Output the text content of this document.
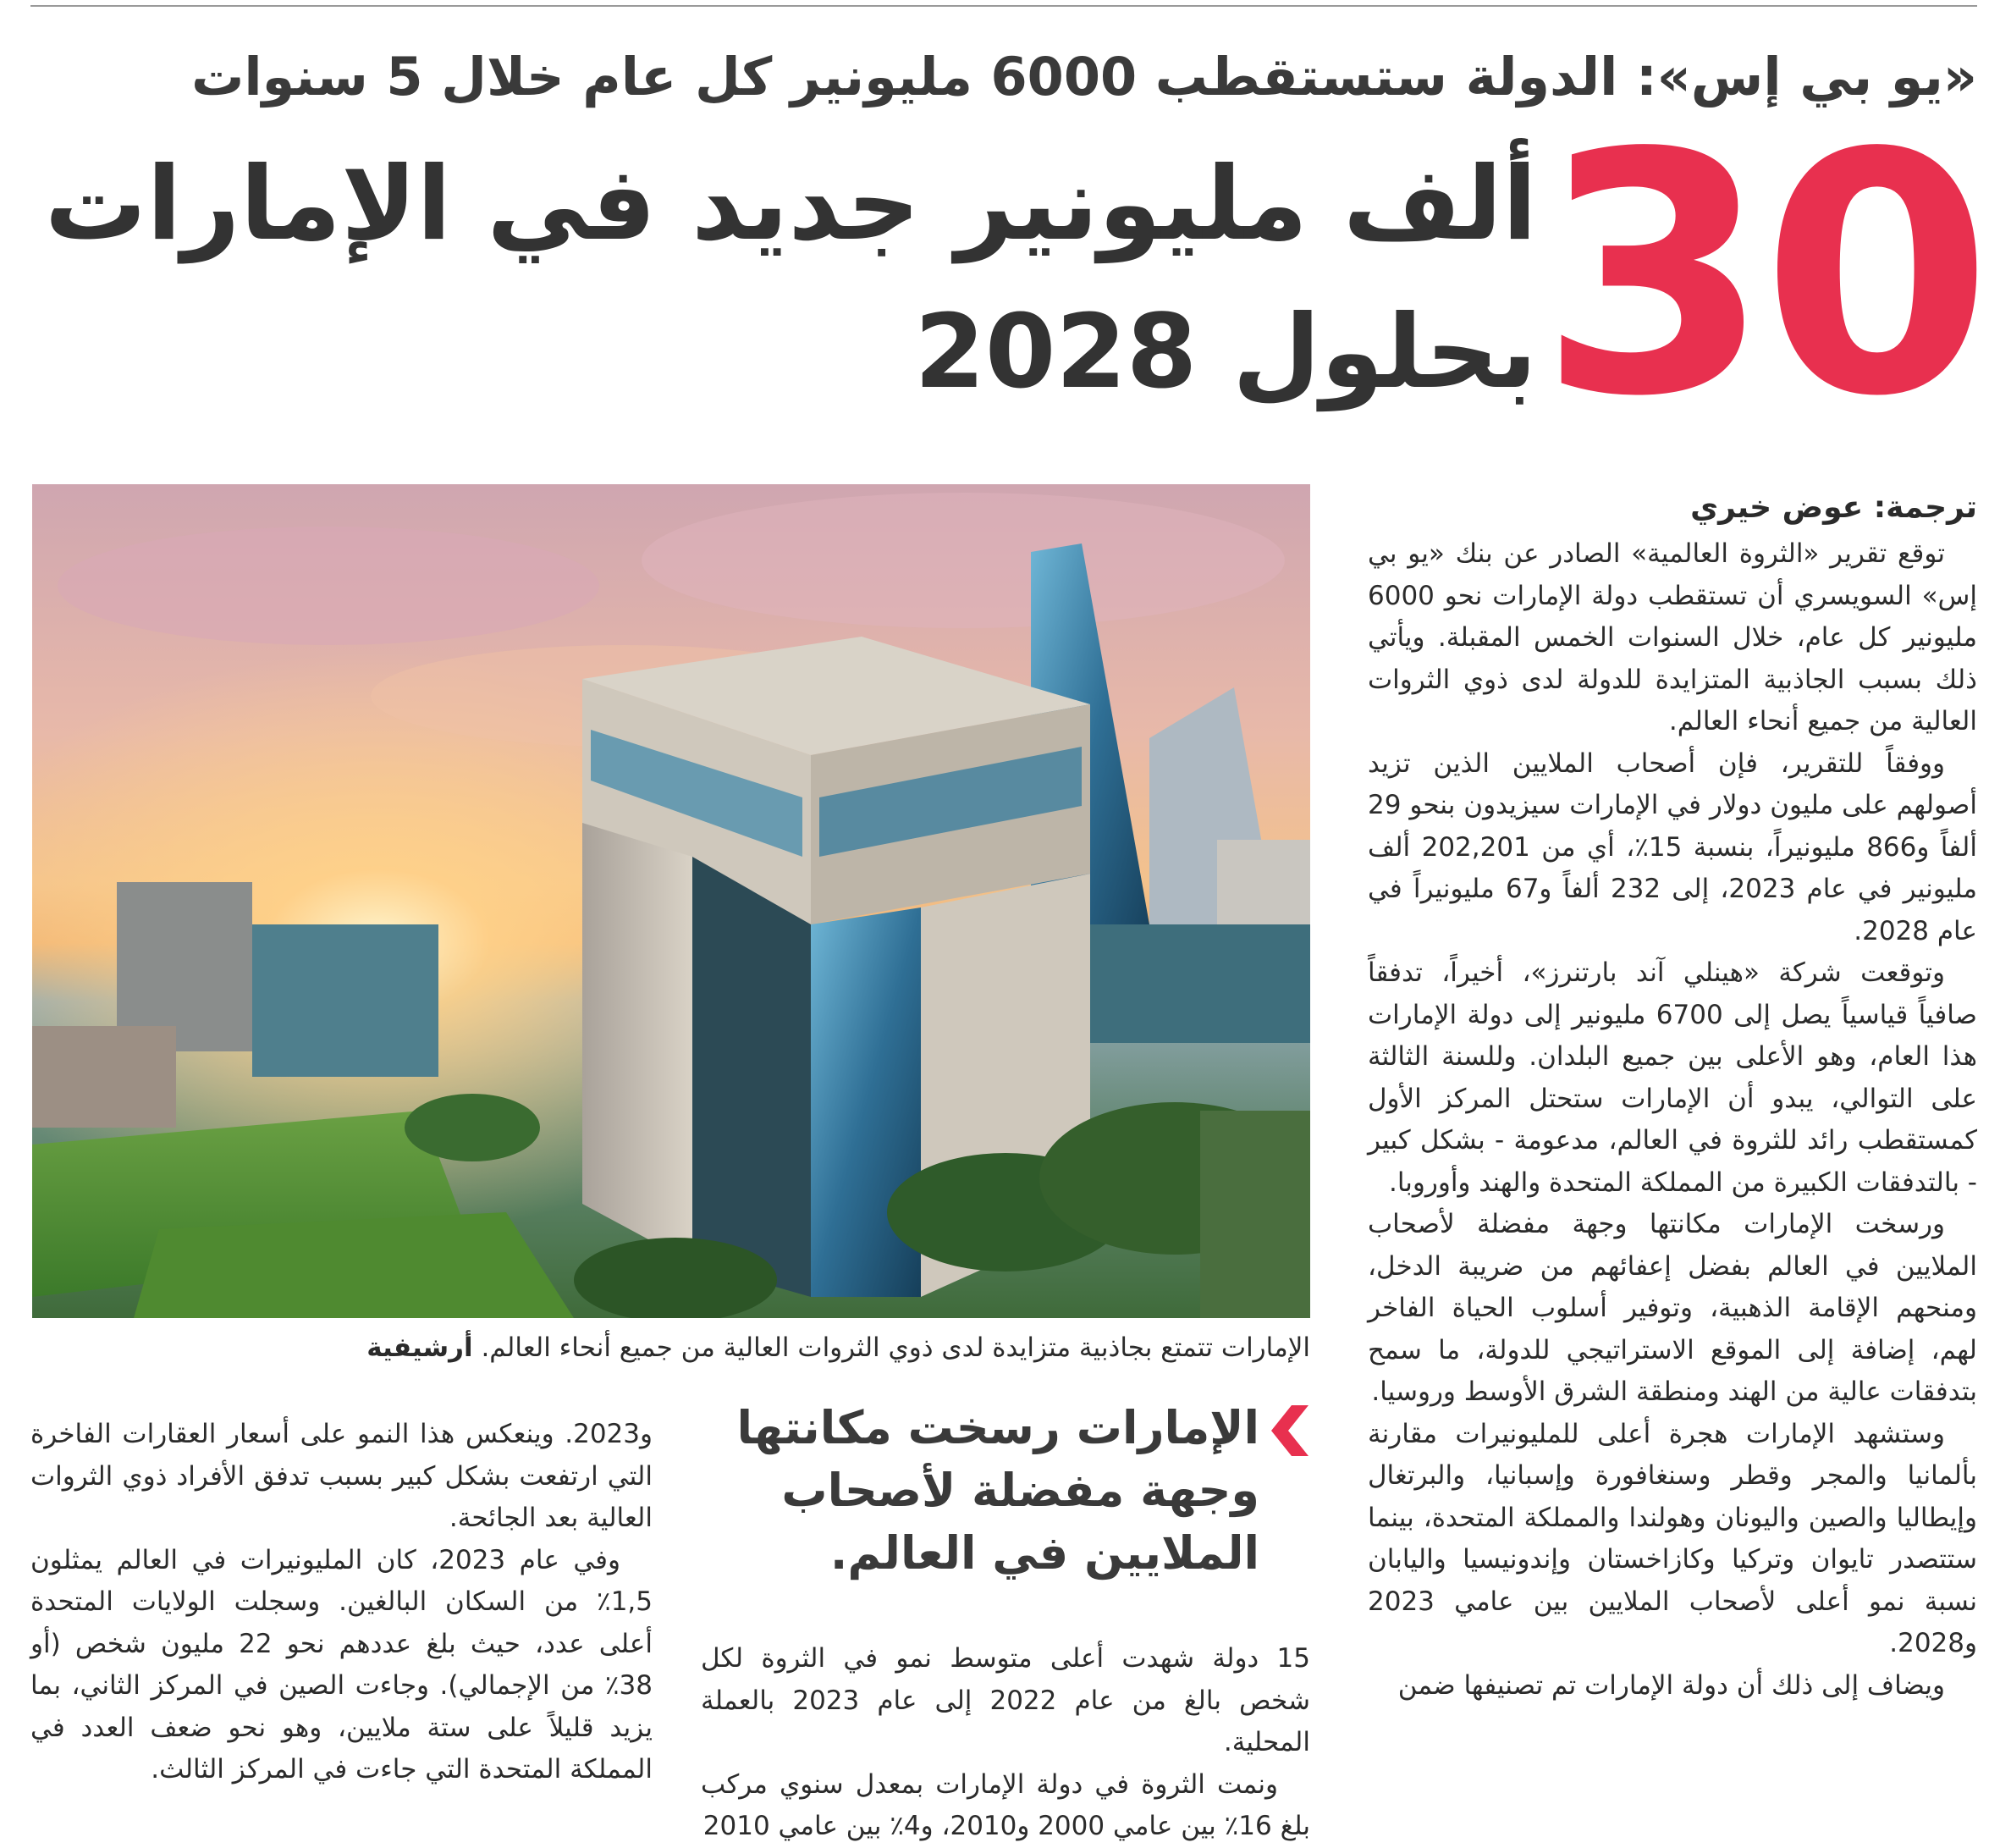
«يو بي إس»: الدولة ستستقطب 6000 مليونير كل عام خلال 5 سنوات
30
ألف مليونير جديد في الإمارات
بحلول 2028
ترجمة: عوض خيري

توقع تقرير «الثروة العالمية» الصادر عن بنك «يو بي إس» السويسري أن تستقطب دولة الإمارات نحو 6000 مليونير كل عام، خلال السنوات الخمس المقبلة. ويأتي ذلك بسبب الجاذبية المتزايدة للدولة لدى ذوي الثروات العالية من جميع أنحاء العالم.

ووفقاً للتقرير، فإن أصحاب الملايين الذين تزيد أصولهم على مليون دولار في الإمارات سيزيدون بنحو 29 ألفاً و866 مليونيراً، بنسبة 15٪، أي من 202,201 ألف مليونير في عام 2023، إلى 232 ألفاً و67 مليونيراً في عام 2028.

وتوقعت شركة «هينلي آند بارتنرز»، أخيراً، تدفقاً صافياً قياسياً يصل إلى 6700 مليونير إلى دولة الإمارات هذا العام، وهو الأعلى بين جميع البلدان. وللسنة الثالثة على التوالي، يبدو أن الإمارات ستحتل المركز الأول كمستقطب رائد للثروة في العالم، مدعومة - بشكل كبير - بالتدفقات الكبيرة من المملكة المتحدة والهند وأوروبا.

ورسخت الإمارات مكانتها وجهة مفضلة لأصحاب الملايين في العالم بفضل إعفائهم من ضريبة الدخل، ومنحهم الإقامة الذهبية، وتوفير أسلوب الحياة الفاخر لهم، إضافة إلى الموقع الاستراتيجي للدولة، ما سمح بتدفقات عالية من الهند ومنطقة الشرق الأوسط وروسيا.

وستشهد الإمارات هجرة أعلى للمليونيرات مقارنة بألمانيا والمجر وقطر وسنغافورة وإسبانيا، والبرتغال وإيطاليا والصين واليونان وهولندا والمملكة المتحدة، بينما ستتصدر تايوان وتركيا وكازاخستان وإندونيسيا واليابان نسبة نمو أعلى لأصحاب الملايين بين عامي 2023 و2028.

ويضاف إلى ذلك أن دولة الإمارات تم تصنيفها ضمن

الإمارات تتمتع بجاذبية متزايدة لدى ذوي الثروات العالية من جميع أنحاء العالم. أرشيفية
الإمارات رسخت مكانتها وجهة مفضلة لأصحاب الملايين في العالم.

15 دولة شهدت أعلى متوسط نمو في الثروة لكل شخص بالغ من عام 2022 إلى عام 2023 بالعملة المحلية.

ونمت الثروة في دولة الإمارات بمعدل سنوي مركب بلغ 16٪ بين عامي 2000 و2010، و4٪ بين عامي 2010

و2023. وينعكس هذا النمو على أسعار العقارات الفاخرة التي ارتفعت بشكل كبير بسبب تدفق الأفراد ذوي الثروات العالية بعد الجائحة.

وفي عام 2023، كان المليونيرات في العالم يمثلون 1,5٪ من السكان البالغين. وسجلت الولايات المتحدة أعلى عدد، حيث بلغ عددهم نحو 22 مليون شخص (أو 38٪ من الإجمالي). وجاءت الصين في المركز الثاني، بما يزيد قليلاً على ستة ملايين، وهو نحو ضعف العدد في المملكة المتحدة التي جاءت في المركز الثالث.
